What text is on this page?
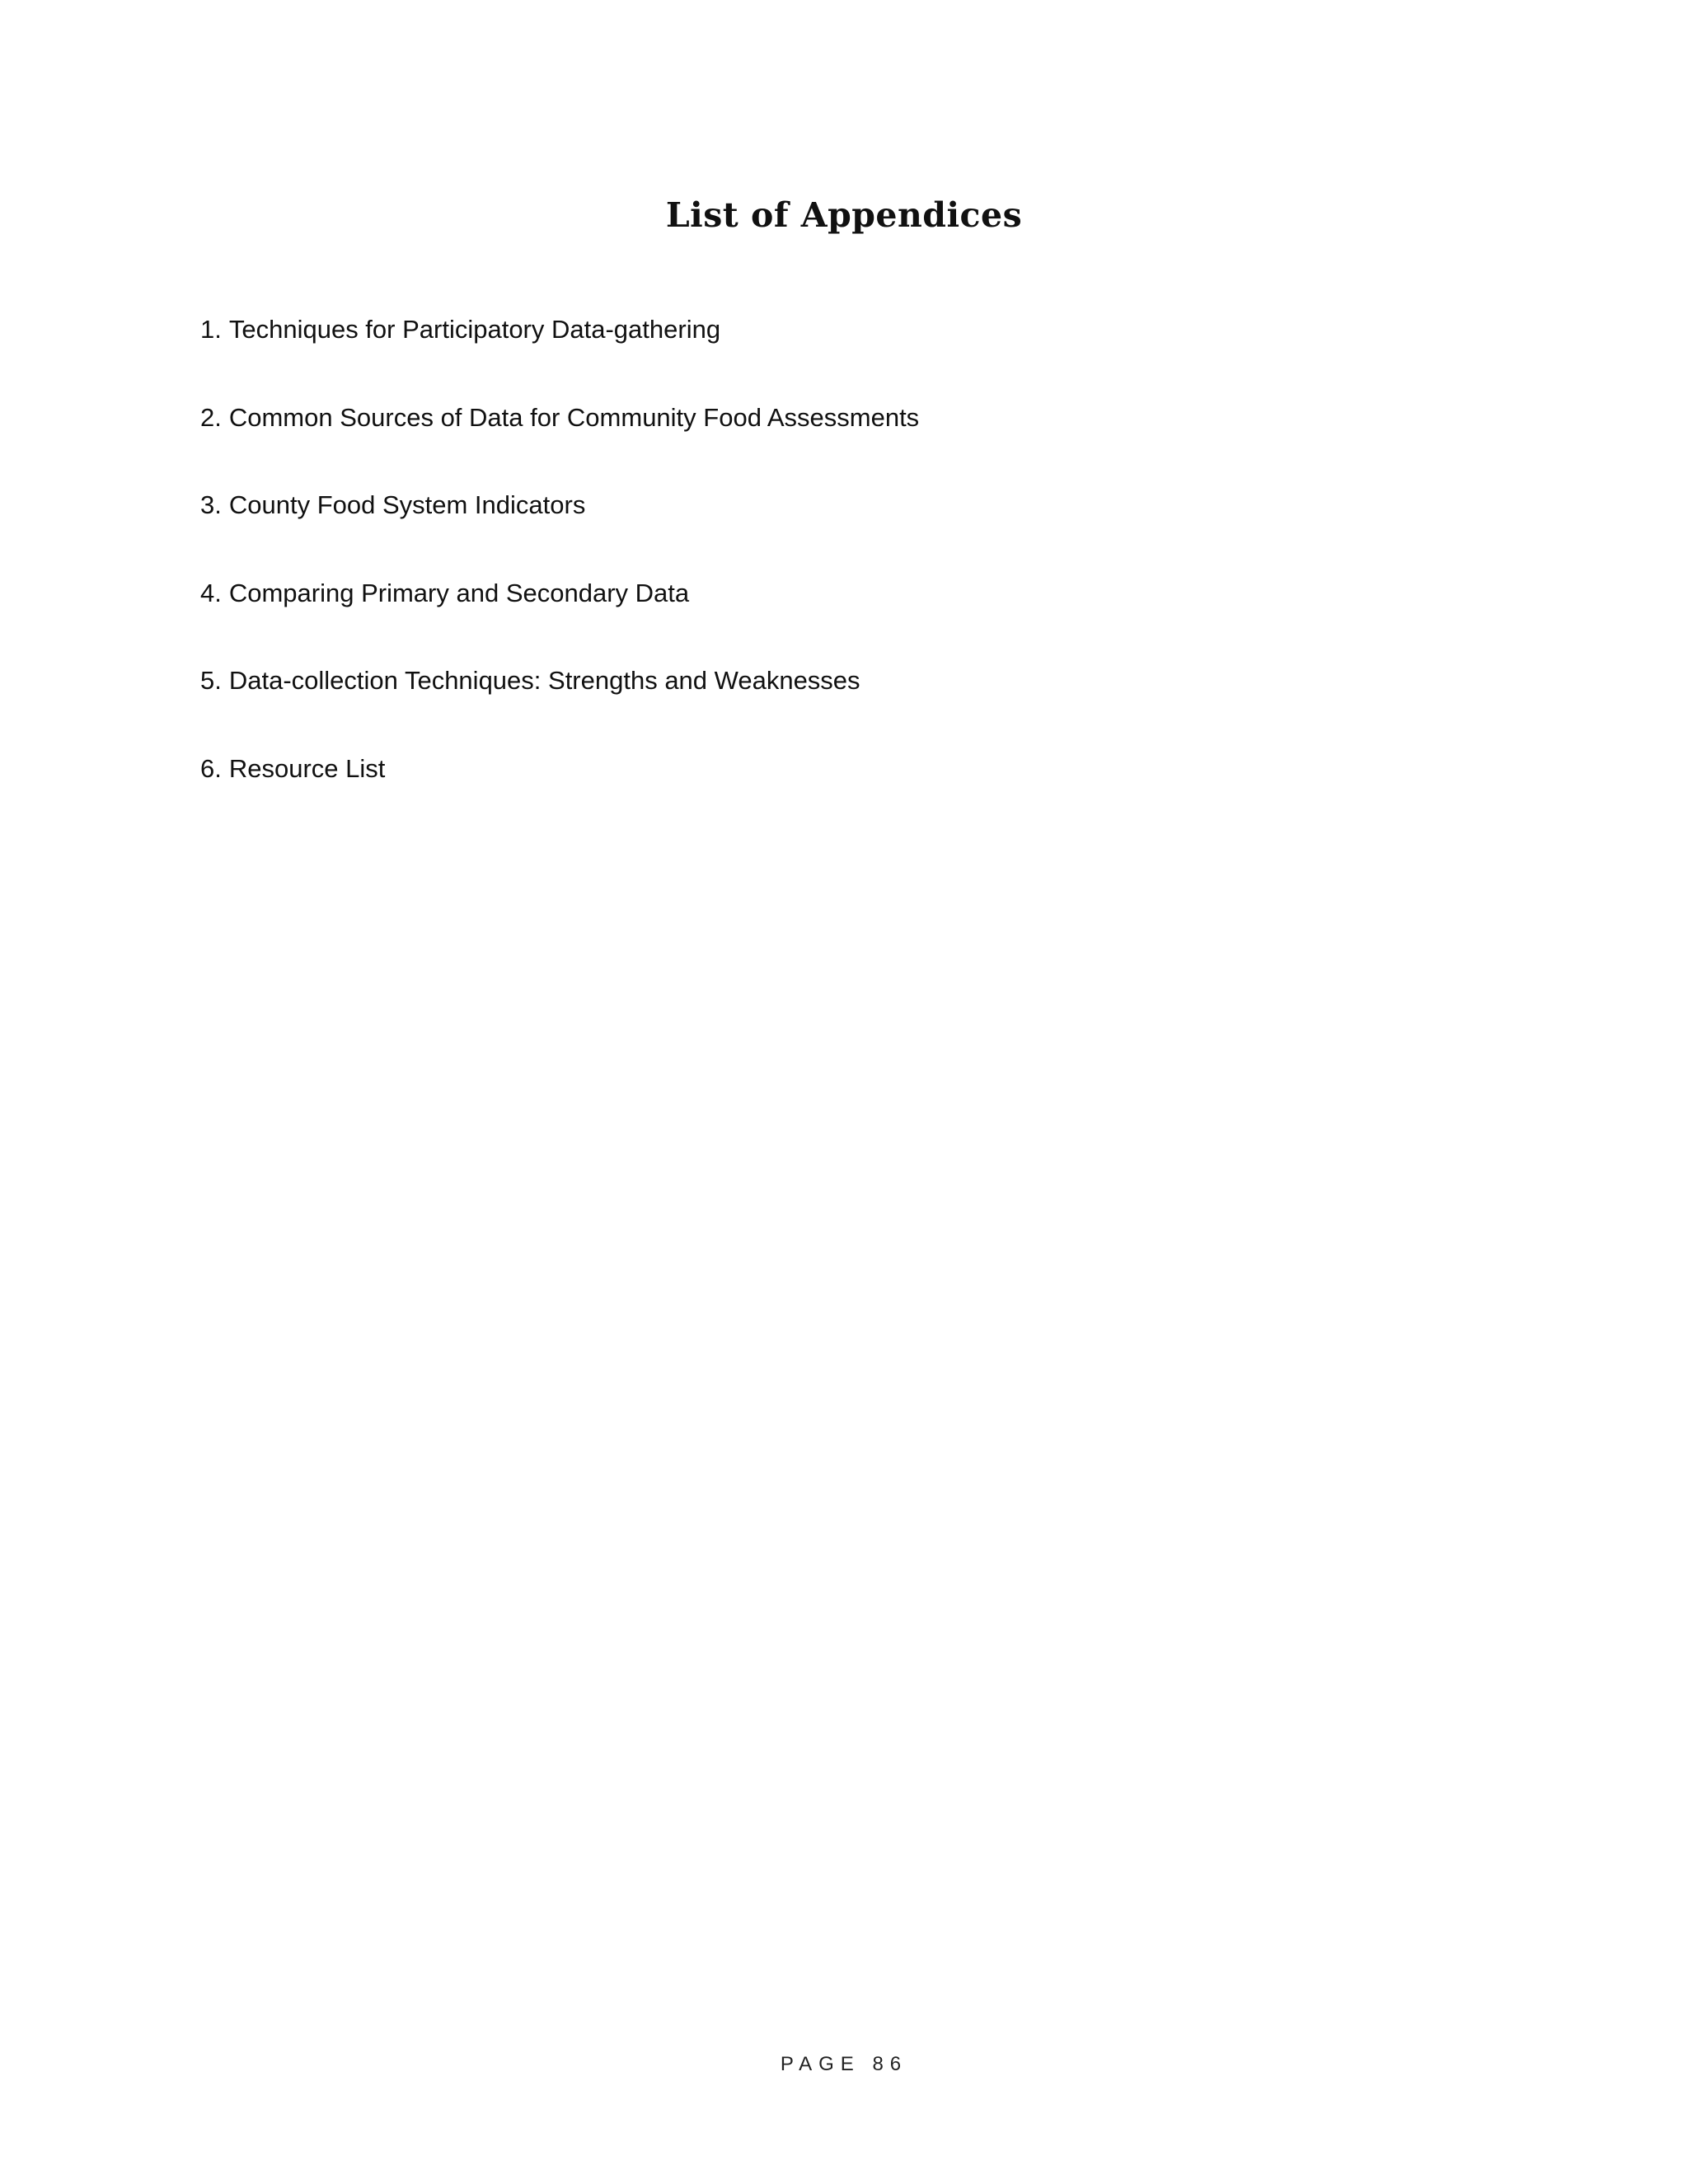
List of Appendices
1. Techniques for Participatory Data-gathering
2. Common Sources of Data for Community Food Assessments
3. County Food System Indicators
4. Comparing Primary and Secondary Data
5. Data-collection Techniques: Strengths and Weaknesses
6. Resource List
PAGE 86
